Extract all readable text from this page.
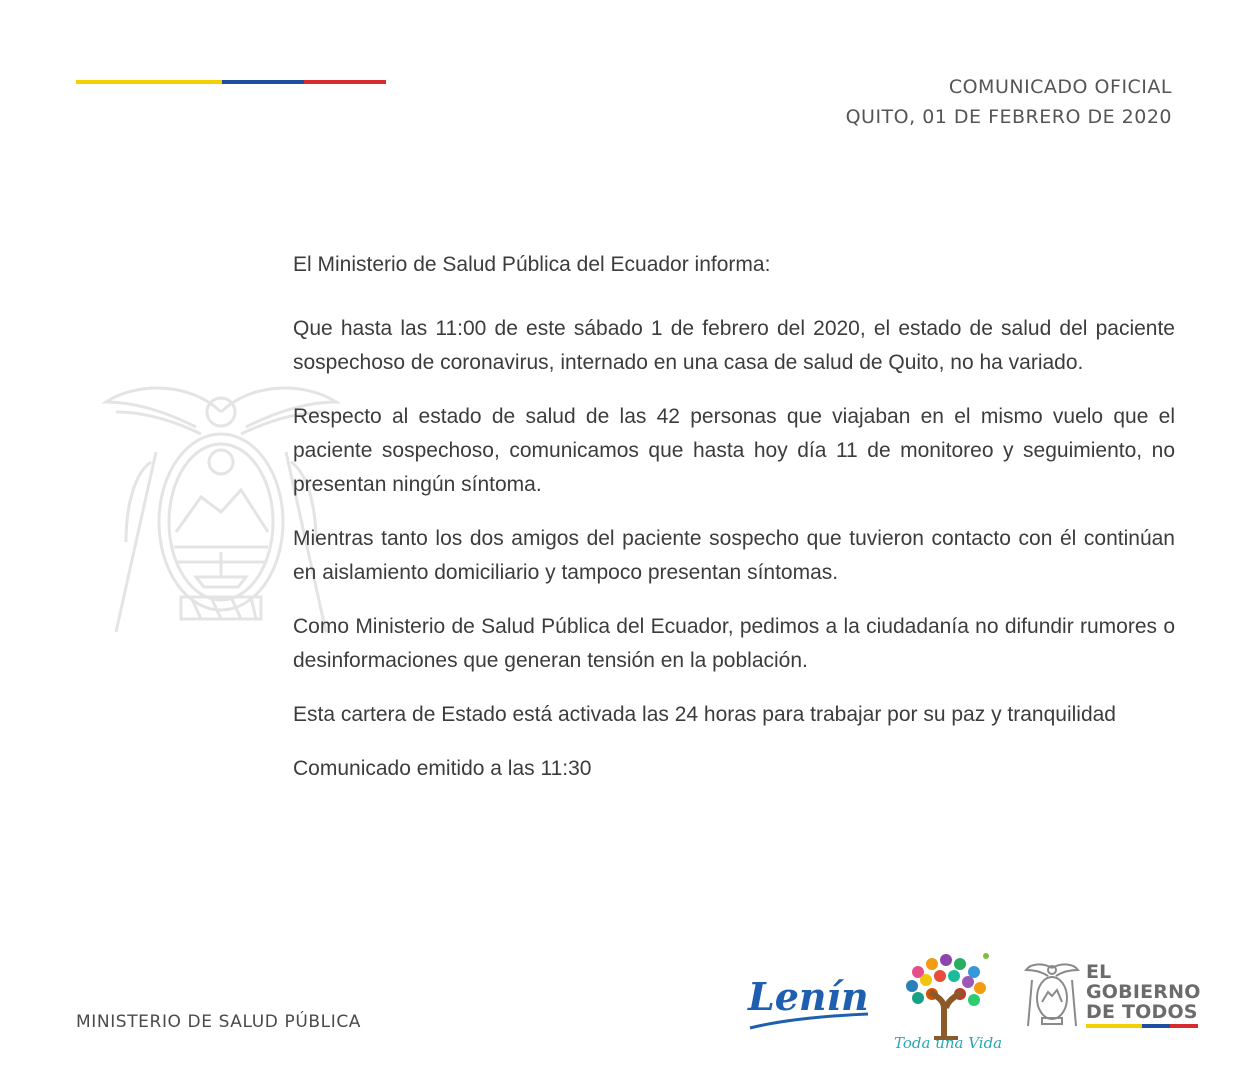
COMUNICADO OFICIAL
QUITO, 01 DE FEBRERO DE 2020

El Ministerio de Salud Pública del Ecuador informa:

Que hasta las 11:00 de este sábado 1 de febrero del 2020, el estado de salud del paciente sospechoso de coronavirus, internado en una casa de salud de Quito, no ha variado.

Respecto al estado de salud de las 42 personas que viajaban en el mismo vuelo que el paciente sospechoso, comunicamos que hasta hoy día 11 de monitoreo y seguimiento, no presentan ningún síntoma.

Mientras tanto los dos amigos del paciente sospecho que tuvieron contacto con él continúan en aislamiento domiciliario y tampoco presentan síntomas.

Como Ministerio de Salud Pública del Ecuador, pedimos a la ciudadanía no difundir rumores o desinformaciones que generan tensión en la población.

Esta cartera de Estado está activada las 24 horas para trabajar por su paz y tranquilidad

Comunicado emitido a las 11:30

MINISTERIO DE SALUD PÚBLICA
Lenín
Toda una Vida
EL
GOBIERNO
DE TODOS
